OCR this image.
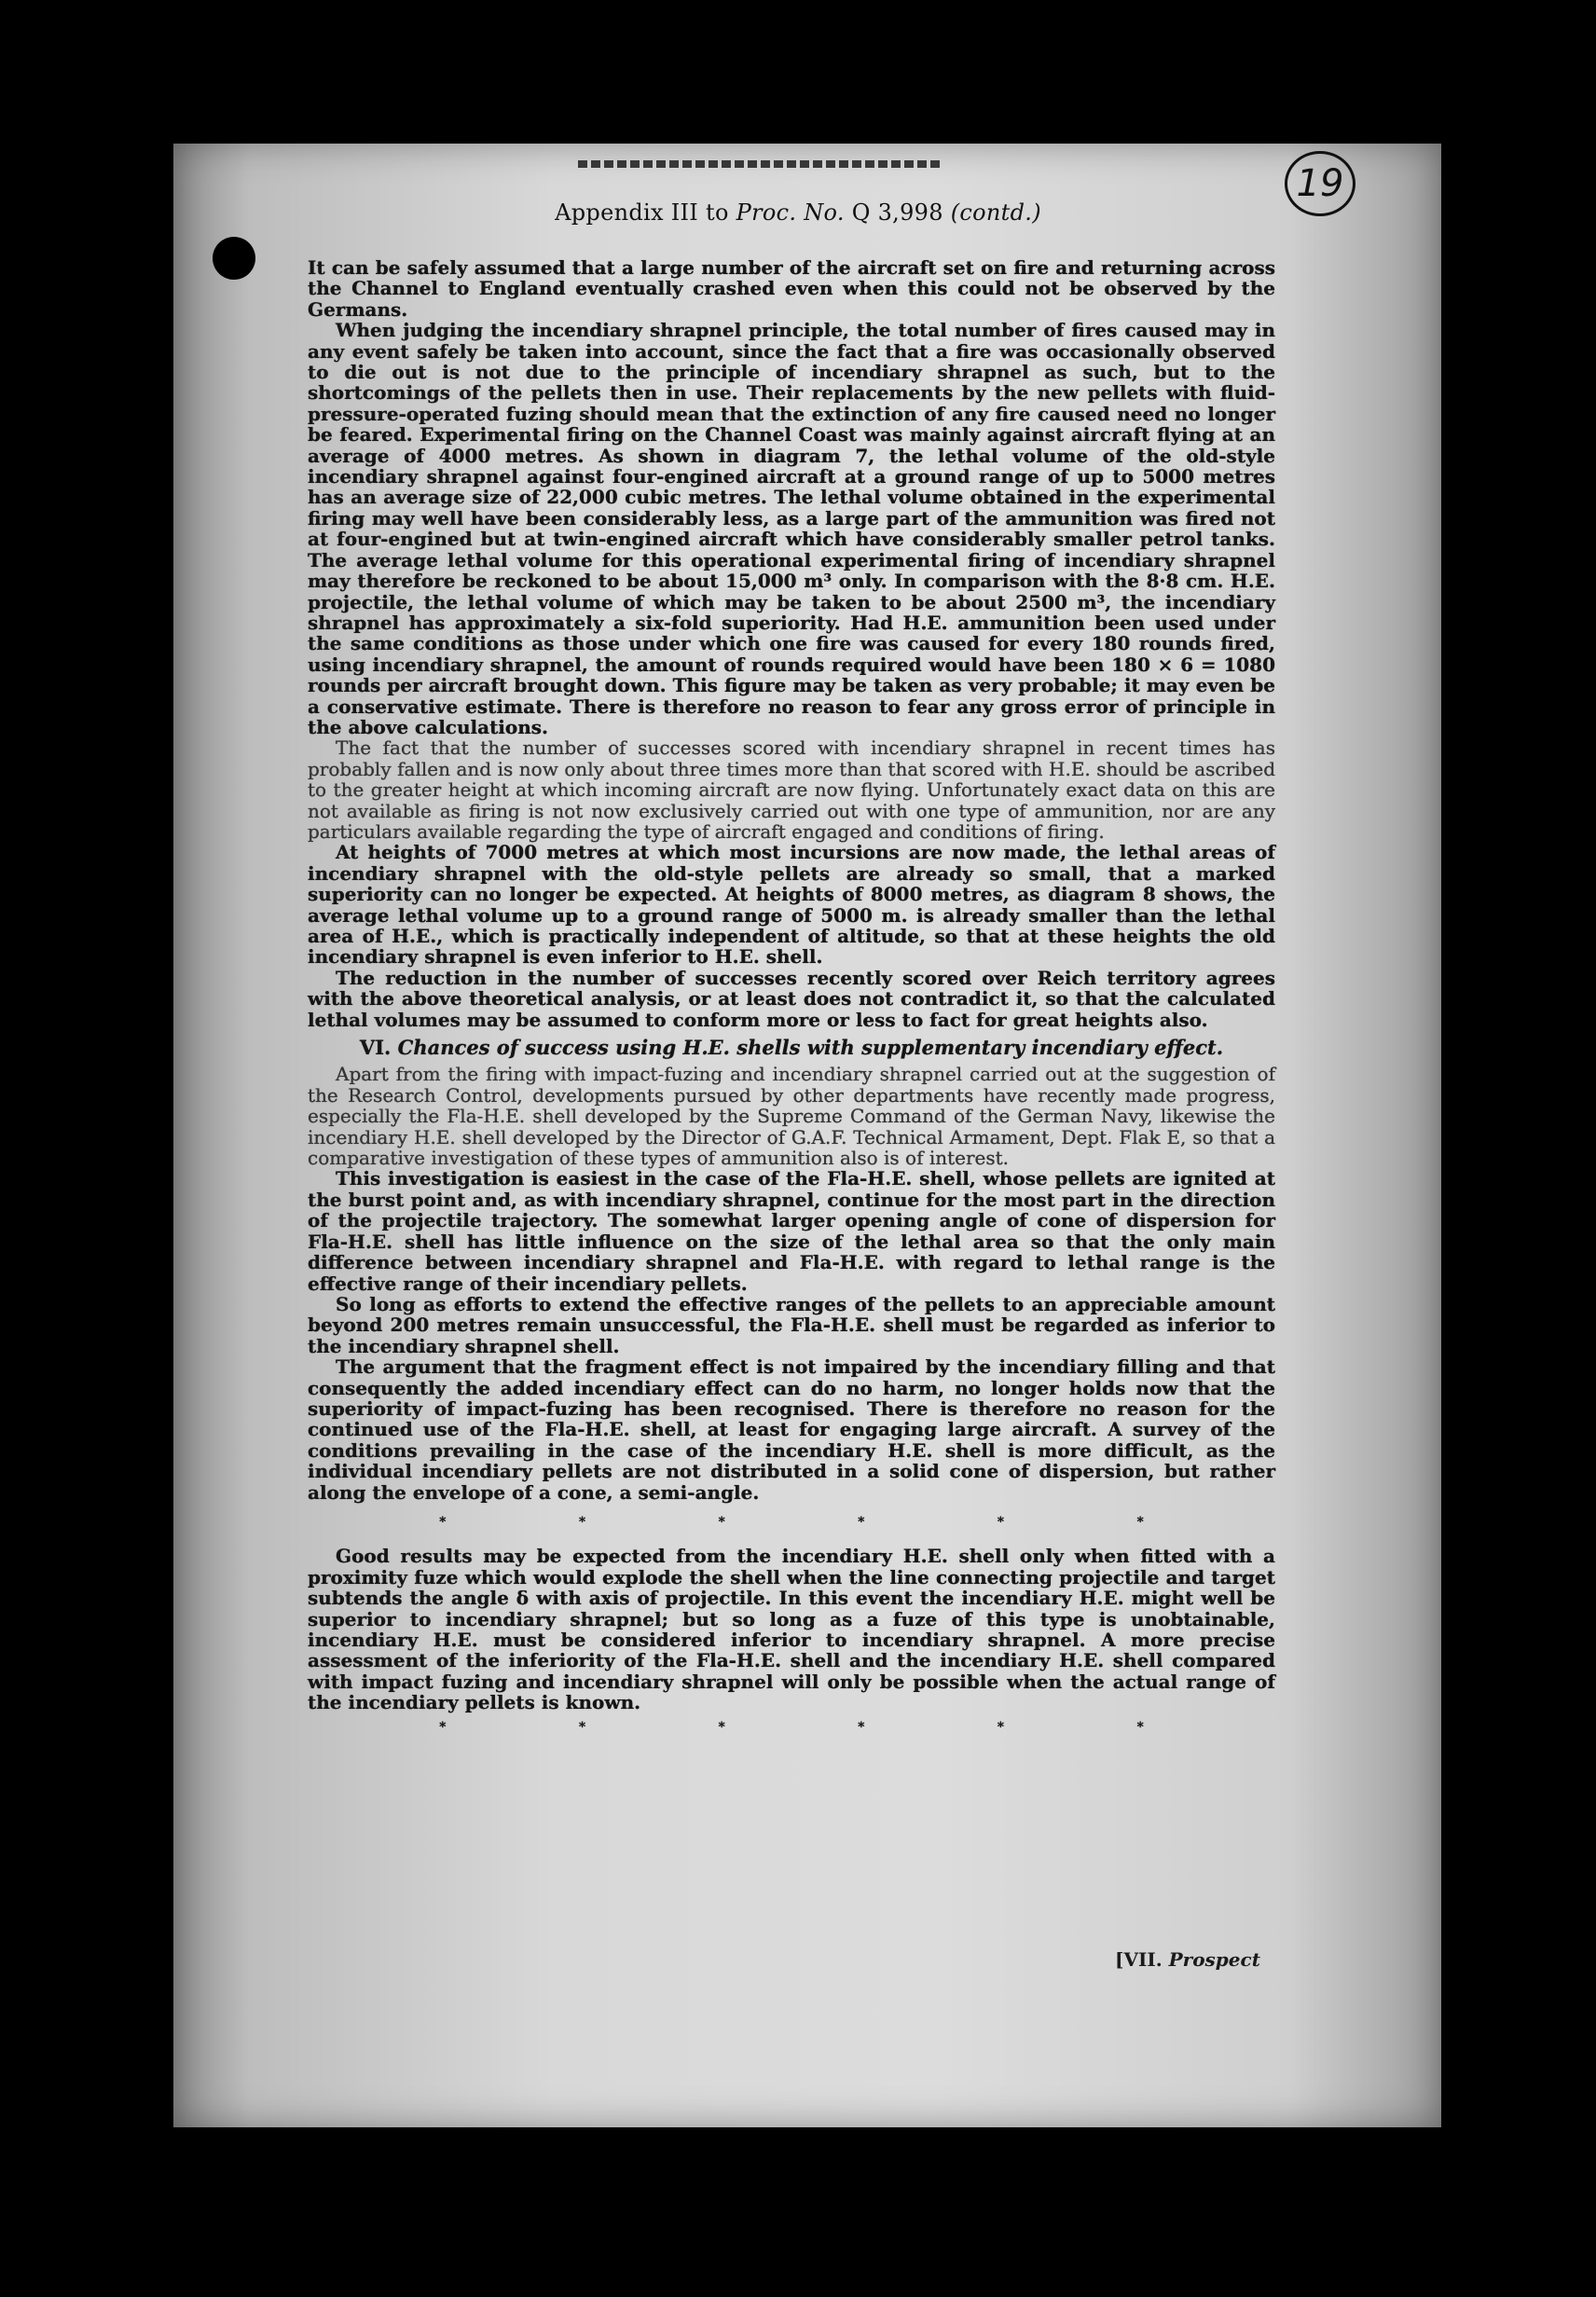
19
Appendix III to Proc. No. Q 3,998 (contd.)

It can be safely assumed that a large number of the aircraft set on fire and returning across the Channel to England eventually crashed even when this could not be observed by the Germans.

When judging the incendiary shrapnel principle, the total number of fires caused may in any event safely be taken into account, since the fact that a fire was occasionally observed to die out is not due to the principle of incendiary shrapnel as such, but to the shortcomings of the pellets then in use. Their replacements by the new pellets with fluid-pressure-operated fuzing should mean that the extinction of any fire caused need no longer be feared. Experimental firing on the Channel Coast was mainly against aircraft flying at an average of 4000 metres. As shown in diagram 7, the lethal volume of the old-style incendiary shrapnel against four-engined aircraft at a ground range of up to 5000 metres has an average size of 22,000 cubic metres. The lethal volume obtained in the experimental firing may well have been considerably less, as a large part of the ammunition was fired not at four-engined but at twin-engined aircraft which have considerably smaller petrol tanks. The average lethal volume for this operational experimental firing of incendiary shrapnel may therefore be reckoned to be about 15,000 m³ only. In comparison with the 8·8 cm. H.E. projectile, the lethal volume of which may be taken to be about 2500 m³, the incendiary shrapnel has approximately a six-fold superiority. Had H.E. ammunition been used under the same conditions as those under which one fire was caused for every 180 rounds fired, using incendiary shrapnel, the amount of rounds required would have been 180 × 6 = 1080 rounds per aircraft brought down. This figure may be taken as very probable; it may even be a conservative estimate. There is therefore no reason to fear any gross error of principle in the above calculations.

The fact that the number of successes scored with incendiary shrapnel in recent times has probably fallen and is now only about three times more than that scored with H.E. should be ascribed to the greater height at which incoming aircraft are now flying. Unfortunately exact data on this are not available as firing is not now exclusively carried out with one type of ammunition, nor are any particulars available regarding the type of aircraft engaged and conditions of firing.

At heights of 7000 metres at which most incursions are now made, the lethal areas of incendiary shrapnel with the old-style pellets are already so small, that a marked superiority can no longer be expected. At heights of 8000 metres, as diagram 8 shows, the average lethal volume up to a ground range of 5000 m. is already smaller than the lethal area of H.E., which is practically independent of altitude, so that at these heights the old incendiary shrapnel is even inferior to H.E. shell.

The reduction in the number of successes recently scored over Reich territory agrees with the above theoretical analysis, or at least does not contradict it, so that the calculated lethal volumes may be assumed to conform more or less to fact for great heights also.

VI. Chances of success using H.E. shells with supplementary incendiary effect.

Apart from the firing with impact-fuzing and incendiary shrapnel carried out at the suggestion of the Research Control, developments pursued by other departments have recently made progress, especially the Fla-H.E. shell developed by the Supreme Command of the German Navy, likewise the incendiary H.E. shell developed by the Director of G.A.F. Technical Armament, Dept. Flak E, so that a comparative investigation of these types of ammunition also is of interest.

This investigation is easiest in the case of the Fla-H.E. shell, whose pellets are ignited at the burst point and, as with incendiary shrapnel, continue for the most part in the direction of the projectile trajectory. The somewhat larger opening angle of cone of dispersion for Fla-H.E. shell has little influence on the size of the lethal area so that the only main difference between incendiary shrapnel and Fla-H.E. with regard to lethal range is the effective range of their incendiary pellets.

So long as efforts to extend the effective ranges of the pellets to an appreciable amount beyond 200 metres remain unsuccessful, the Fla-H.E. shell must be regarded as inferior to the incendiary shrapnel shell.

The argument that the fragment effect is not impaired by the incendiary filling and that consequently the added incendiary effect can do no harm, no longer holds now that the superiority of impact-fuzing has been recognised. There is therefore no reason for the continued use of the Fla-H.E. shell, at least for engaging large aircraft. A survey of the conditions prevailing in the case of the incendiary H.E. shell is more difficult, as the individual incendiary pellets are not distributed in a solid cone of dispersion, but rather along the envelope of a cone, a semi-angle.

*	*	*	*	*	*

Good results may be expected from the incendiary H.E. shell only when fitted with a proximity fuze which would explode the shell when the line connecting projectile and target subtends the angle δ with axis of projectile. In this event the incendiary H.E. might well be superior to incendiary shrapnel; but so long as a fuze of this type is unobtainable, incendiary H.E. must be considered inferior to incendiary shrapnel. A more precise assessment of the inferiority of the Fla-H.E. shell and the incendiary H.E. shell compared with impact fuzing and incendiary shrapnel will only be possible when the actual range of the incendiary pellets is known.

*	*	*	*	*	*
[VII. Prospect
